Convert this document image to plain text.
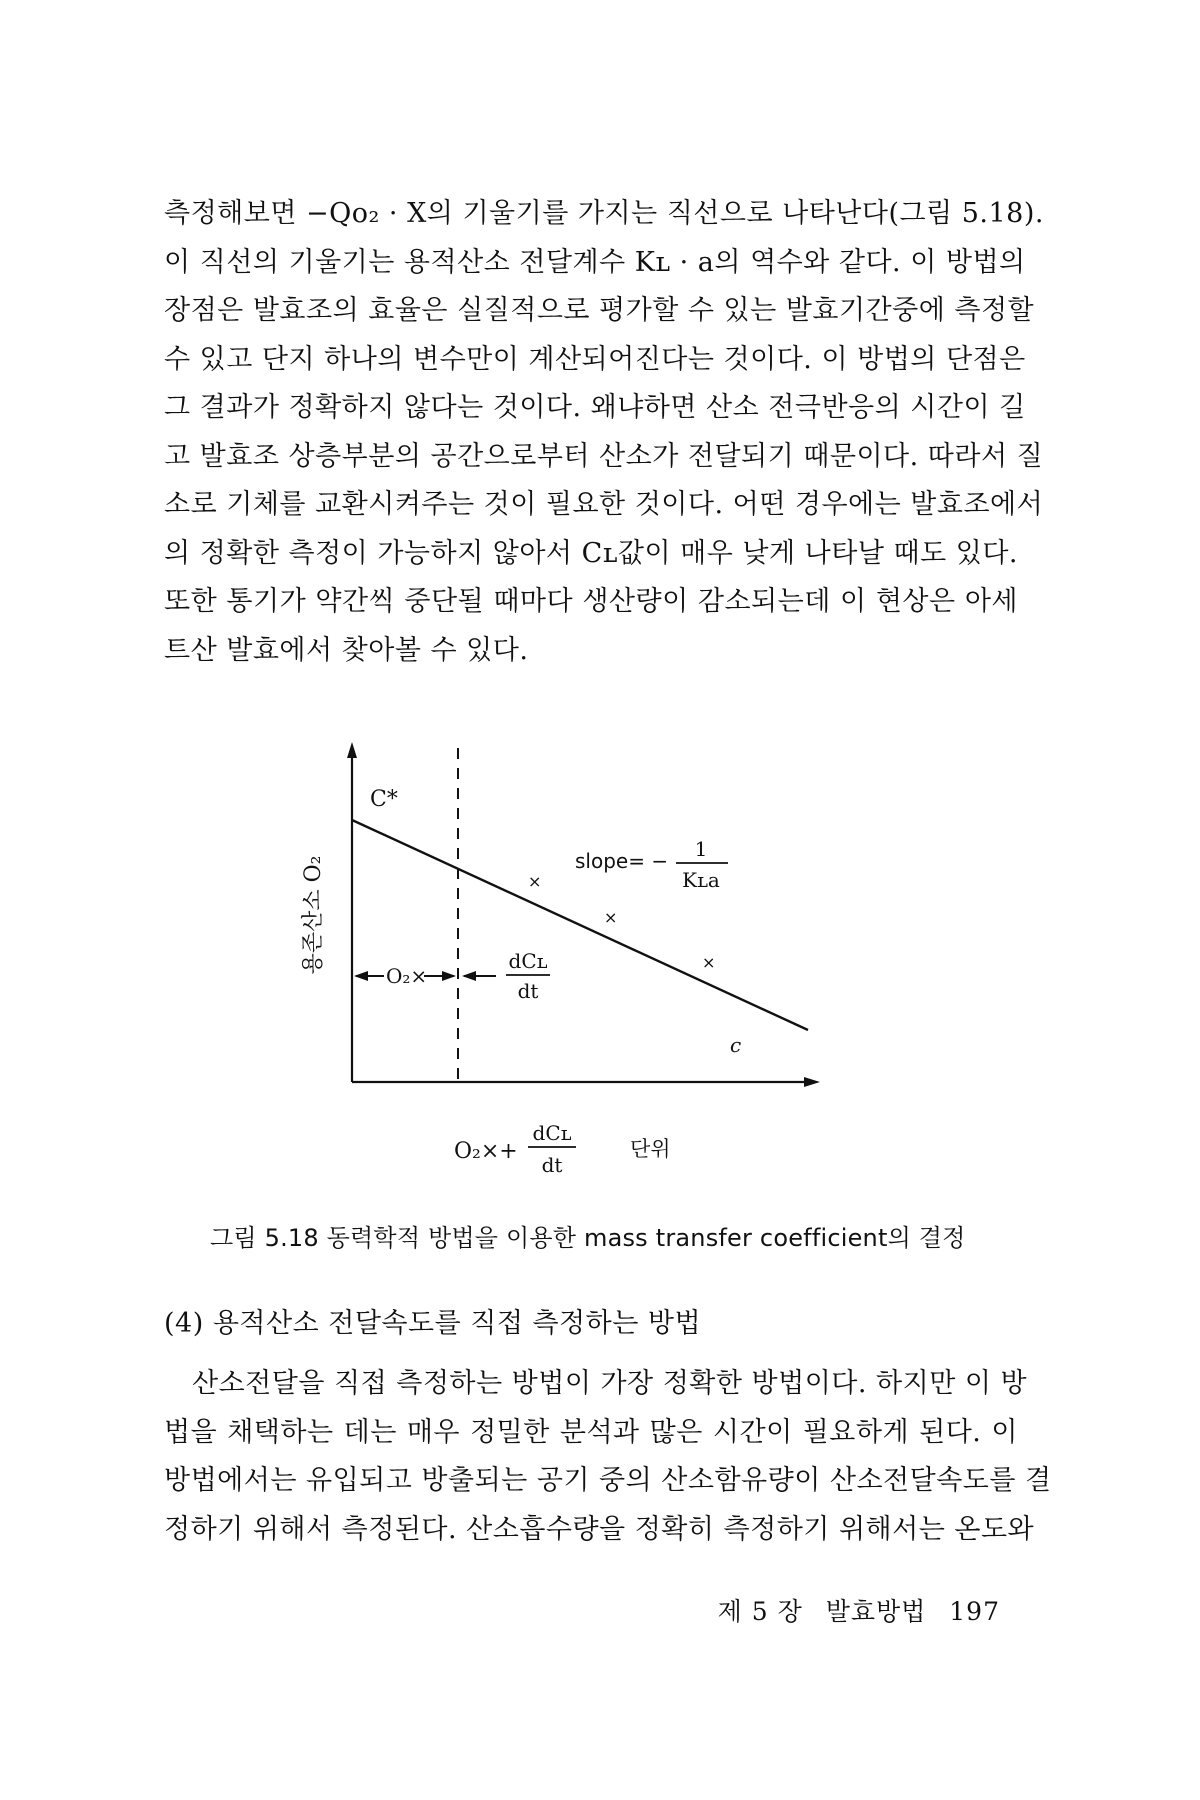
측정해보면 −Qo₂ · X의 기울기를 가지는 직선으로 나타난다(그림 5.18).
이 직선의 기울기는 용적산소 전달계수 Kʟ · a의 역수와 같다. 이 방법의
장점은 발효조의 효율은 실질적으로 평가할 수 있는 발효기간중에 측정할
수 있고 단지 하나의 변수만이 계산되어진다는 것이다. 이 방법의 단점은
그 결과가 정확하지 않다는 것이다. 왜냐하면 산소 전극반응의 시간이 길
고 발효조 상층부분의 공간으로부터 산소가 전달되기 때문이다. 따라서 질
소로 기체를 교환시켜주는 것이 필요한 것이다. 어떤 경우에는 발효조에서
의 정확한 측정이 가능하지 않아서 Cʟ값이 매우 낮게 나타날 때도 있다.
또한 통기가 약간씩 중단될 때마다 생산량이 감소되는데 이 현상은 아세
트산 발효에서 찾아볼 수 있다.
용존산소 O₂
C*
×
×
×
slope= − 1
Kʟa
c
O₂×
dCʟ
dt
O₂×+
dCʟ
dt
단위
그림 5.18 동력학적 방법을 이용한 mass transfer coefficient의 결정
(4) 용적산소 전달속도를 직접 측정하는 방법
산소전달을 직접 측정하는 방법이 가장 정확한 방법이다. 하지만 이 방
법을 채택하는 데는 매우 정밀한 분석과 많은 시간이 필요하게 된다. 이
방법에서는 유입되고 방출되는 공기 중의 산소함유량이 산소전달속도를 결
정하기 위해서 측정된다. 산소흡수량을 정확히 측정하기 위해서는 온도와
제 5 장 발효방법 197
